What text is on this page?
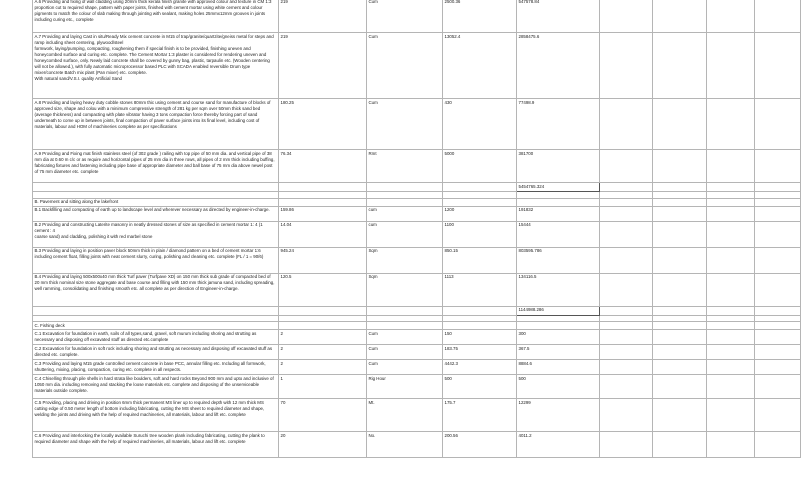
A.6 Providing and fixing of wall cladding using 20mm thick kerala finish granite with approved colour and texture in CM 1:3 proportion cut to required shape, pattern with paper joints, finished with cement mortar using white cement and colour pigments to match the colour of slab making through jointing with sealant, making holes 25mmx12mm grooves in joints including curing etc., complete	219	Cum	2500.36	547578.84				
A.7 Providing and laying Cast in situ/Ready Mix cement concrete in M15 of trap/granite/quartzite/gneiss metal for steps and ramp including sheet centering, plywood/steel
formwork, laying/pumping, compacting, roughening them if special finish is to be provided, finishing uneven and honeycombed surface and curing etc. complete. The Cement Mortar 1:3 plaster is considered for rendering uneven and honeycombed surface, only. Newly laid concrete shall be covered by gunny bag, plastic, tarpaulin etc. (Wooden centering will not be allowed.), with fully automatic microprocessor based PLC with SCADA enabled reversible Drum type mixer/concrete Batch mix plant (Pan mixer) etc. complete.
With natural sand/V.S.I. quality Artificial Sand	219	Cum	13052.4	2858475.6				
A.8 Providing and laying heavy duty cobble stones 80mm thic using cement and course sand for manufacture of blocks of approved size, shape and colou with a minimum compressive strength of 281 kg per sqm over 50mm thick sand bed (average thickness) and compacting with plate vibrator having 3 tons compaction force thereby forcing part of sand underneath to come up in between joints, final compaction of paver surface joints into its final level, including cost of materials, labour and HOM of machineries complete as per specifications	180.25	Cum	430	77498.9				
A.9 Providing and Fixing mat finish stainless steel (of 302 grade ) railing with top pipe of 50 mm dia. and vertical pipe of 38 mm dia at 0.60 m c/c or as require and horizontal pipes of 25 mm dia in three rows, all pipes of 2 mm thick including buffing, fabricating fixtures and fastening including pipe base of appropriate diameter and ball base of 75 mm dia above newel post of 75 mm diameter etc. complete	76.34	Rmt	5000	381700				
				5454765.324				

B. Pavement and sitting along the lakefront								
B.1 Backfilling and compacting of earth up to landscape level and wherever necessary as directed by engineer-in-charge.	159.86	cum	1200	191832				
B.2 Providing and constructing Laterite masonry in neatly dressed stones of size as specified in cement mortar 1: 4 (1 cement : 4
coarse sand) and cladding, polishing it with red marbel stone	14.04	cum	1100	15444				
B.3 Providing and laying in position paver block 50mm thick in plain / diamond pattern on a bed of cement mortar 1:6 including cement float, filling joints with neat cement slurry, curing, polishing and cleaning etc. complete (FL / 1 = 90/6)	945.24	Sqm	850.15	803595.786				
B.4 Providing and laying 500x500x40 mm thick Turf paver (Turfpave XD) on 150 mm thick sub grade of compacted bed of 20 mm thick nominal size stone aggregate and base course and filling with 150 mm thick jamuna sand, including spreading, well ramming, consolidating and finishing smooth etc. all complete as per direction of Engineer-in-charge.	120.5	Sqm	1113	134116.5				
				1144988.286				

C. Fishing deck								
C.1 Excavation for foundation in earth, soils of all types,sand, gravel, soft murum including shoring and strutting as necessary and disposing off excavated stuff as directed etc.complete	2	Cum	150	300				
C.2 Excavation for foundation in soft rock including shoring and strutting as necessary and disposing off excavated stuff as directed etc. complete.	2	Cum	183.75	367.5				
C.3 Providing and laying M15 grade controlled cement concrete in base PCC, annular filling etc. Including all formwork, shuttering, mixing, placing, compaction, curing etc. complete in all respects.	2	Cum	4442.3	8884.6				
C.4 Chiselling through pile shells in hard strata like boulders, soft and hard rocks Beyond 900 mm and upto and inclusive of 1050 mm dia. including removing and stacking the loose materials etc. complete and disposing of the unserviceable materials outside complete.	1	Rig Hour	500	500				
C.5 Providing, placing and driving in position 6mm thick permanent MS liner up to required depth with 12 mm thick MS cutting edge of 0.50 meter length of bottom including fabricating, cutting the MS sheet to required diameter and shape, welding the joints and driving with the help of required machineries, all materials, labour and lift etc. complete	70	Mt.	175.7	12299				
C.6 Providing and interlocking the locally available Suruchi tree wooden plank including fabricating, cutting the plank to required diameter and shape with the help of required machineries, all materials, labour and lift etc. complete	20	No.	200.56	4011.2				
